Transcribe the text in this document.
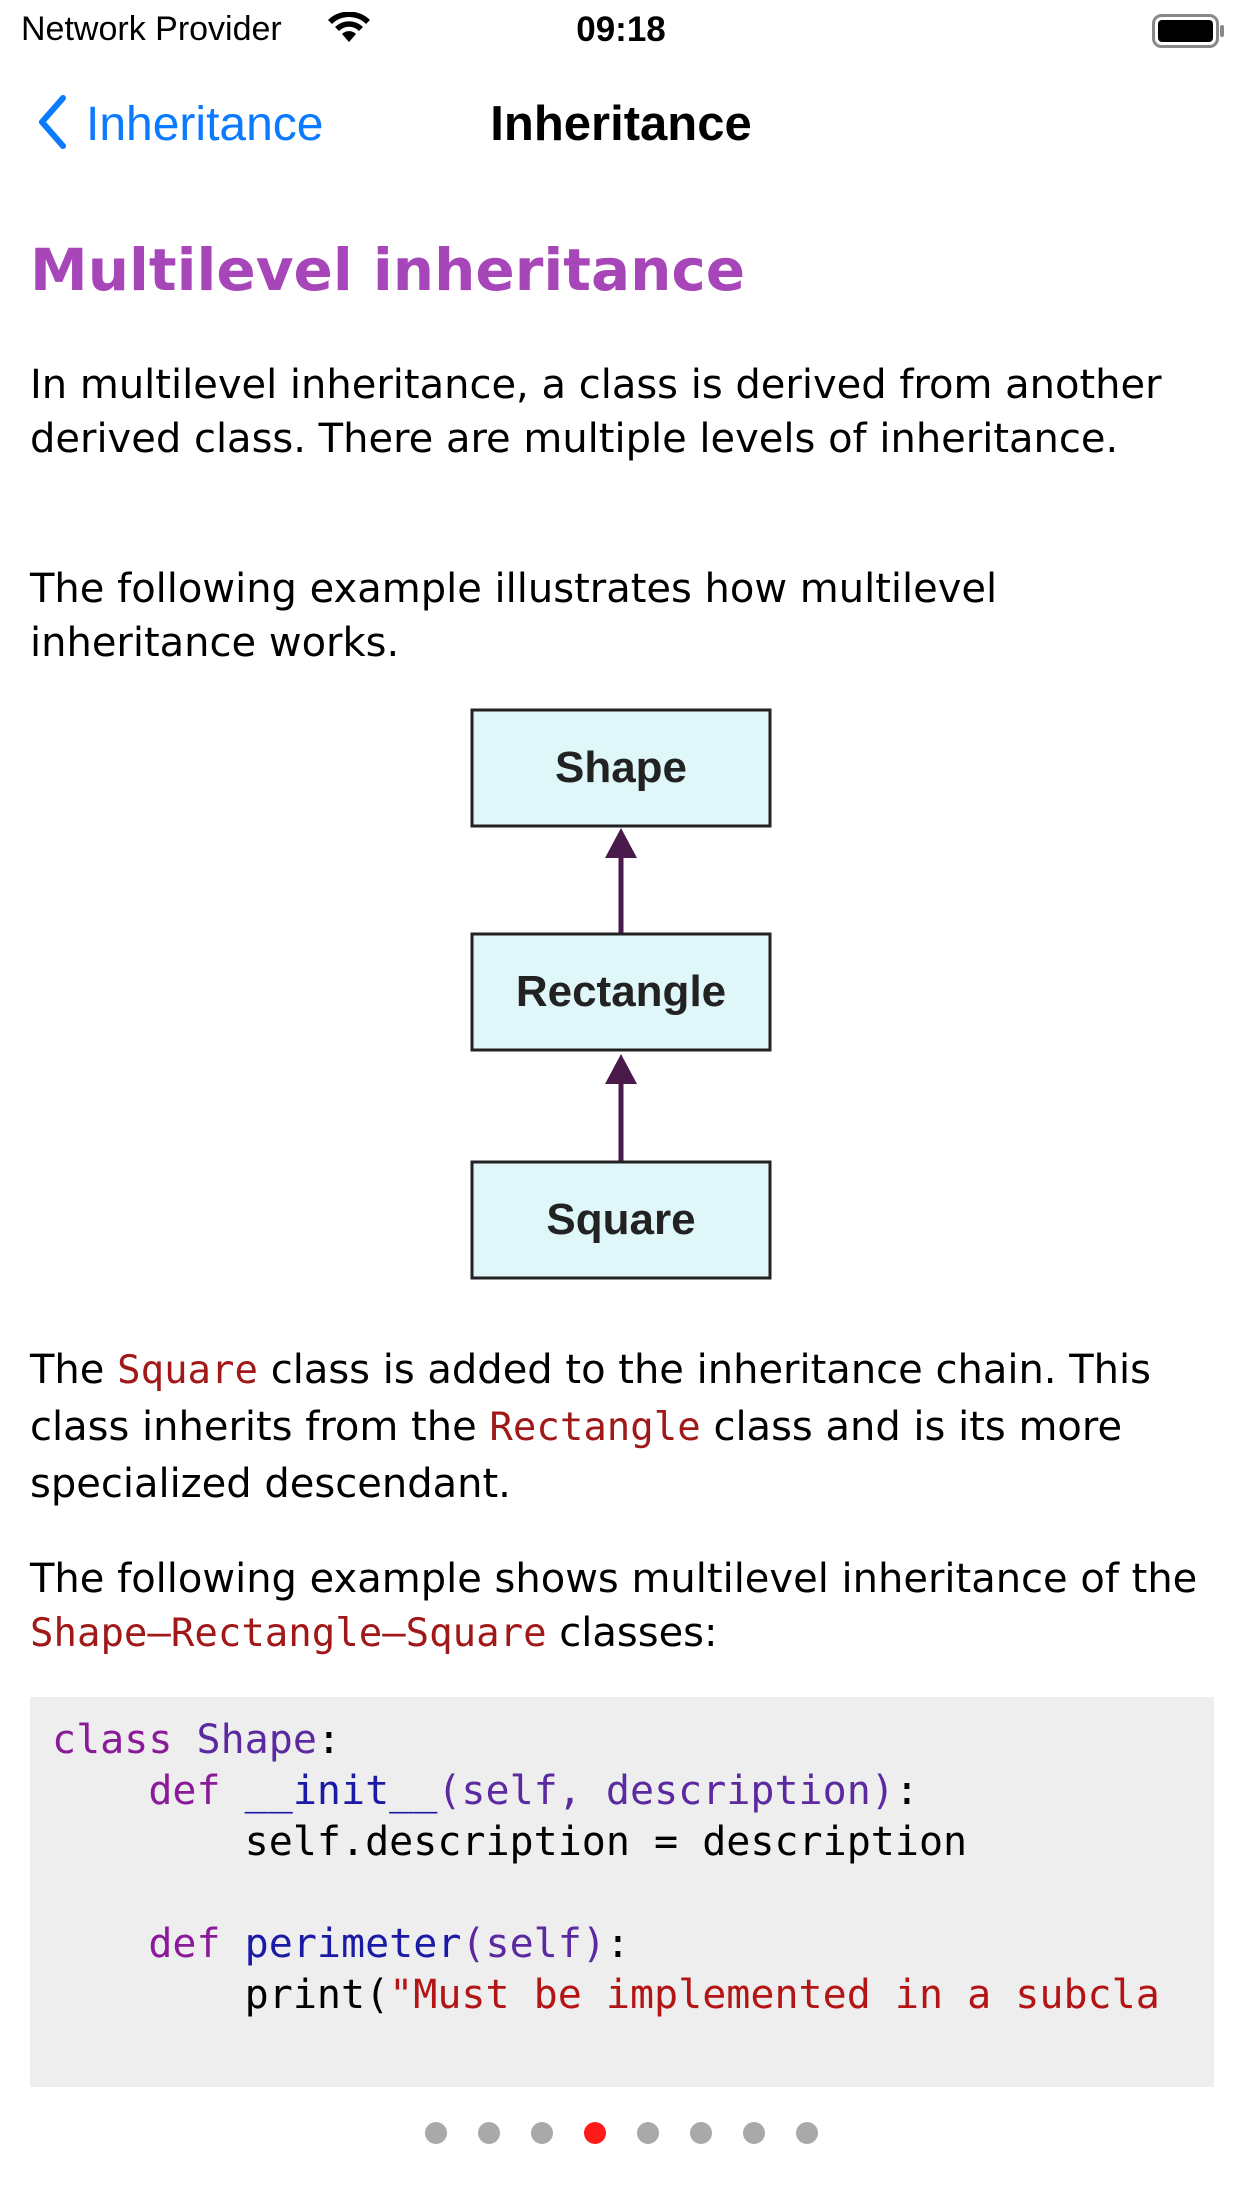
Network Provider	09:18
Inheritance	Inheritance
Multilevel inheritance

In multilevel inheritance, a class is derived from another derived class. There are multiple levels of inheritance.

The following example illustrates how multilevel inheritance works.

Shape
Rectangle
Square

The Square class is added to the inheritance chain. This class inherits from the Rectangle class and is its more specialized descendant.

The following example shows multilevel inheritance of the Shape–Rectangle–Square classes:

class Shape:
def __init__(self, description):
self.description = description

def perimeter(self):
print("Must be implemented in a subcla
